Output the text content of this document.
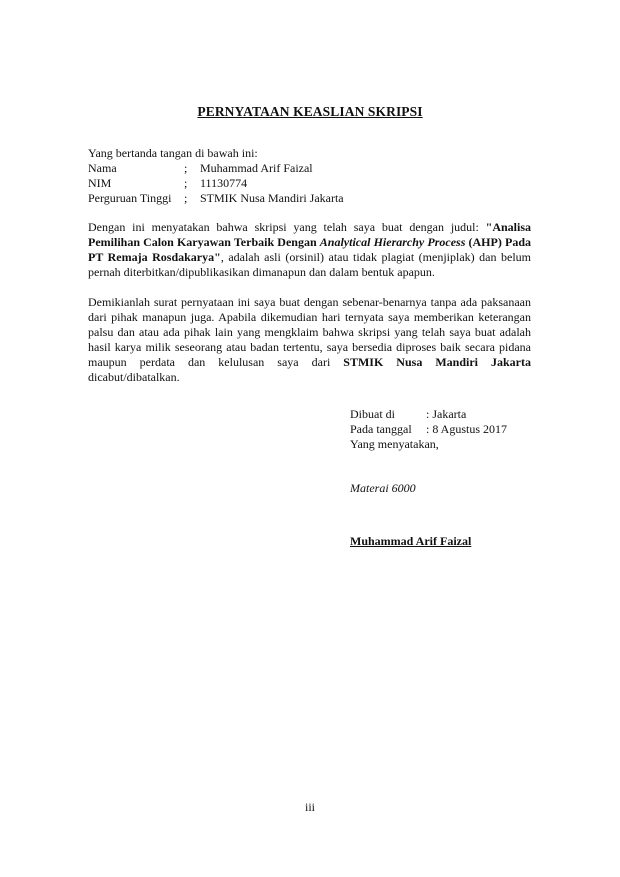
PERNYATAAN KEASLIAN SKRIPSI
Yang bertanda tangan di bawah ini:
Nama	;	Muhammad Arif Faizal
NIM	;	11130774
Perguruan Tinggi	;	STMIK Nusa Mandiri Jakarta
Dengan ini menyatakan bahwa skripsi yang telah saya buat dengan judul: "Analisa Pemilihan Calon Karyawan Terbaik Dengan Analytical Hierarchy Process (AHP) Pada PT Remaja Rosdakarya", adalah asli (orsinil) atau tidak plagiat (menjiplak) dan belum pernah diterbitkan/dipublikasikan dimanapun dan dalam bentuk apapun.
Demikianlah surat pernyataan ini saya buat dengan sebenar-benarnya tanpa ada paksanaan dari pihak manapun juga. Apabila dikemudian hari ternyata saya memberikan keterangan palsu dan atau ada pihak lain yang mengklaim bahwa skripsi yang telah saya buat adalah hasil karya milik seseorang atau badan tertentu, saya bersedia diproses baik secara pidana maupun perdata dan kelulusan saya dari STMIK Nusa Mandiri Jakarta dicabut/dibatalkan.
Dibuat di	: Jakarta
Pada tanggal	: 8 Agustus 2017
Yang menyatakan,
Materai 6000
Muhammad Arif Faizal
iii
